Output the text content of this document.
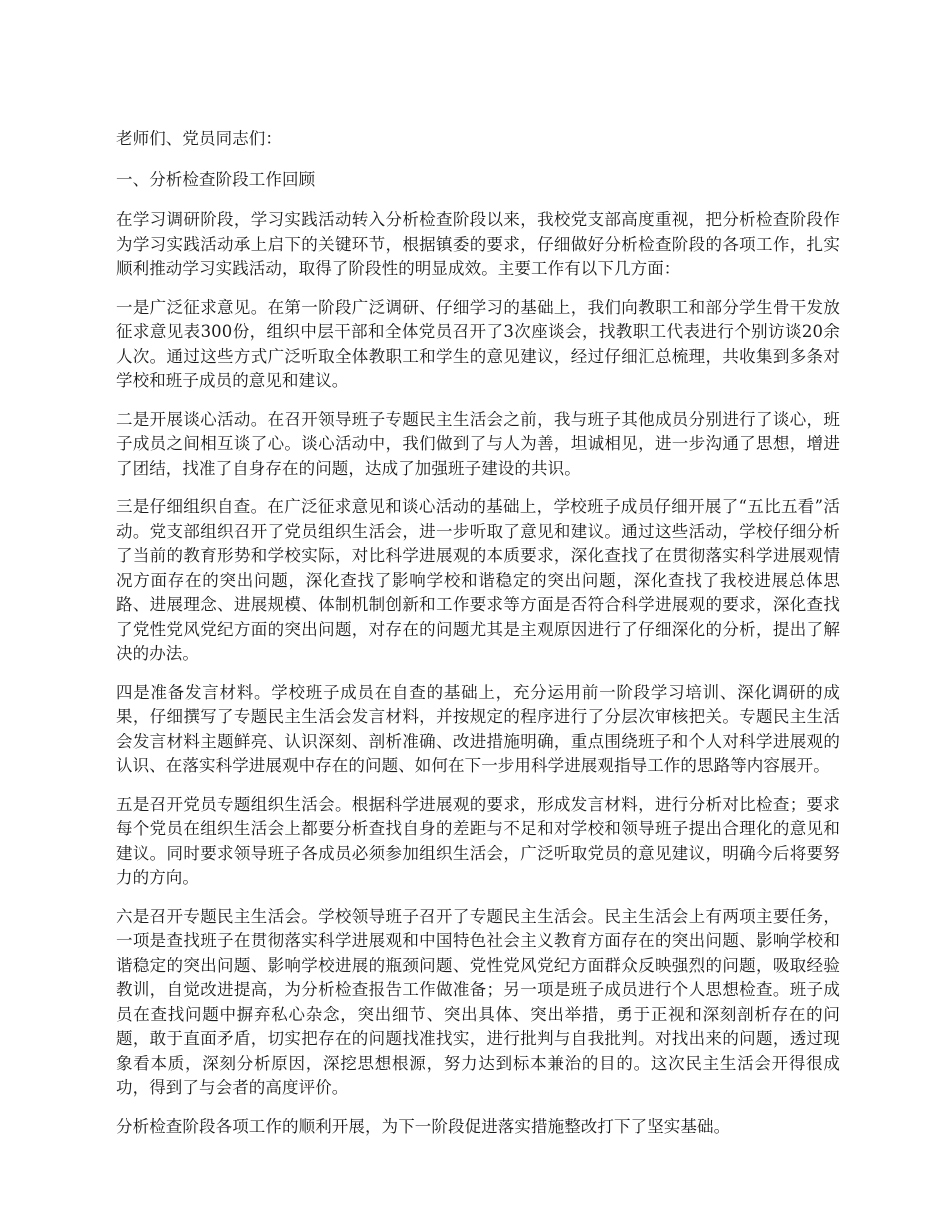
老师们、党员同志们：

一、分析检查阶段工作回顾

在学习调研阶段，学习实践活动转入分析检查阶段以来，我校党支部高度重视，把分析检查阶段作为学习实践活动承上启下的关键环节，根据镇委的要求，仔细做好分析检查阶段的各项工作，扎实顺利推动学习实践活动，取得了阶段性的明显成效。主要工作有以下几方面：

一是广泛征求意见。在第一阶段广泛调研、仔细学习的基础上，我们向教职工和部分学生骨干发放征求意见表300份，组织中层干部和全体党员召开了3次座谈会，找教职工代表进行个别访谈20余人次。通过这些方式广泛听取全体教职工和学生的意见建议，经过仔细汇总梳理，共收集到多条对学校和班子成员的意见和建议。

二是开展谈心活动。在召开领导班子专题民主生活会之前，我与班子其他成员分别进行了谈心，班子成员之间相互谈了心。谈心活动中，我们做到了与人为善，坦诚相见，进一步沟通了思想，增进了团结，找准了自身存在的问题，达成了加强班子建设的共识。

三是仔细组织自查。在广泛征求意见和谈心活动的基础上，学校班子成员仔细开展了“五比五看”活动。党支部组织召开了党员组织生活会，进一步听取了意见和建议。通过这些活动，学校仔细分析了当前的教育形势和学校实际，对比科学进展观的本质要求，深化查找了在贯彻落实科学进展观情况方面存在的突出问题，深化查找了影响学校和谐稳定的突出问题，深化查找了我校进展总体思路、进展理念、进展规模、体制机制创新和工作要求等方面是否符合科学进展观的要求，深化查找了党性党风党纪方面的突出问题，对存在的问题尤其是主观原因进行了仔细深化的分析，提出了解决的办法。

四是准备发言材料。学校班子成员在自查的基础上，充分运用前一阶段学习培训、深化调研的成果，仔细撰写了专题民主生活会发言材料，并按规定的程序进行了分层次审核把关。专题民主生活会发言材料主题鲜亮、认识深刻、剖析准确、改进措施明确，重点围绕班子和个人对科学进展观的认识、在落实科学进展观中存在的问题、如何在下一步用科学进展观指导工作的思路等内容展开。

五是召开党员专题组织生活会。根据科学进展观的要求，形成发言材料，进行分析对比检查；要求每个党员在组织生活会上都要分析查找自身的差距与不足和对学校和领导班子提出合理化的意见和建议。同时要求领导班子各成员必须参加组织生活会，广泛听取党员的意见建议，明确今后将要努力的方向。

六是召开专题民主生活会。学校领导班子召开了专题民主生活会。民主生活会上有两项主要任务，一项是查找班子在贯彻落实科学进展观和中国特色社会主义教育方面存在的突出问题、影响学校和谐稳定的突出问题、影响学校进展的瓶颈问题、党性党风党纪方面群众反映强烈的问题，吸取经验教训，自觉改进提高，为分析检查报告工作做准备；另一项是班子成员进行个人思想检查。班子成员在查找问题中摒弃私心杂念，突出细节、突出具体、突出举措，勇于正视和深刻剖析存在的问题，敢于直面矛盾，切实把存在的问题找准找实，进行批判与自我批判。对找出来的问题，透过现象看本质，深刻分析原因，深挖思想根源，努力达到标本兼治的目的。这次民主生活会开得很成功，得到了与会者的高度评价。

分析检查阶段各项工作的顺利开展，为下一阶段促进落实措施整改打下了坚实基础。
